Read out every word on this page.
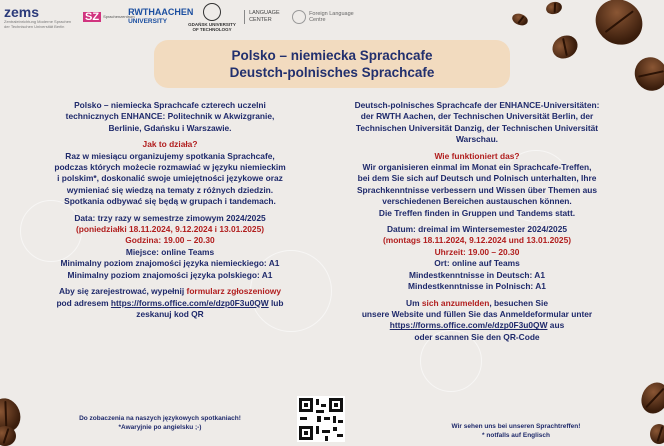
zems
Zentraleinrichtung Moderne Sprachen der Technischen Universität Berlin
SZ	Sprachenzentrum
RWTHAACHEN
UNIVERSITY	GDAŃSK UNIVERSITY
OF TECHNOLOGY
LANGUAGE
CENTER
Foreign Language
Centre
Polsko – niemiecka Sprachcafe
Deustch-polnisches Sprachcafe

Polsko – niemiecka Sprachcafe czterech uczelni

technicznych ENHANCE: Politechnik w Akwizgranie,

Berlinie, Gdańsku i Warszawie.

Jak to działa?

Raz w miesiącu organizujemy spotkania Sprachcafe,

podczas których możecie rozmawiać w języku niemieckim

i polskim*, doskonalić swoje umiejętności językowe oraz

wymieniać się wiedzą na tematy z różnych dziedzin.

Spotkania odbywać się będą w grupach i tandemach.

Data: trzy razy w semestrze zimowym 2024/2025

(poniedziałki 18.11.2024, 9.12.2024 i 13.01.2025)

Godzina: 19.00 – 20.30

Miejsce: online Teams

Minimalny poziom znajomości języka niemieckiego: A1

Minimalny poziom znajomości języka polskiego: A1

Aby się zarejestrować, wypełnij formularz zgłoszeniowy

pod adresem https://forms.office.com/e/dzp0F3u0QW lub

zeskanuj kod QR

Deutsch-polnisches Sprachcafe der ENHANCE-Universitäten:

der RWTH Aachen, der Technischen Universität Berlin, der

Technischen Universität Danzig, der Technischen Universität

Warschau.

Wie funktioniert das?

Wir organisieren einmal im Monat ein Sprachcafe-Treffen,

bei dem Sie sich auf Deutsch und Polnisch unterhalten, Ihre

Sprachkenntnisse verbessern und Wissen über Themen aus

verschiedenen Bereichen austauschen können.

Die Treffen finden in Gruppen und Tandems statt.

Datum: dreimal im Wintersemester 2024/2025

(montags 18.11.2024, 9.12.2024 und 13.01.2025)

Uhrzeit: 19.00 – 20.30

Ort: online auf Teams

Mindestkenntnisse in Deutsch: A1

Mindestkenntnisse in Polnisch: A1

Um sich anzumelden, besuchen Sie

unsere Website und füllen Sie das Anmeldeformular unter

https://forms.office.com/e/dzp0F3u0QW aus

oder scannen Sie den QR-Code

Do zobaczenia na naszych językowych spotkaniach!
*Awaryjnie po angielsku ;-)	Wir sehen uns bei unseren Sprachtreffen!
* notfalls auf Englisch
